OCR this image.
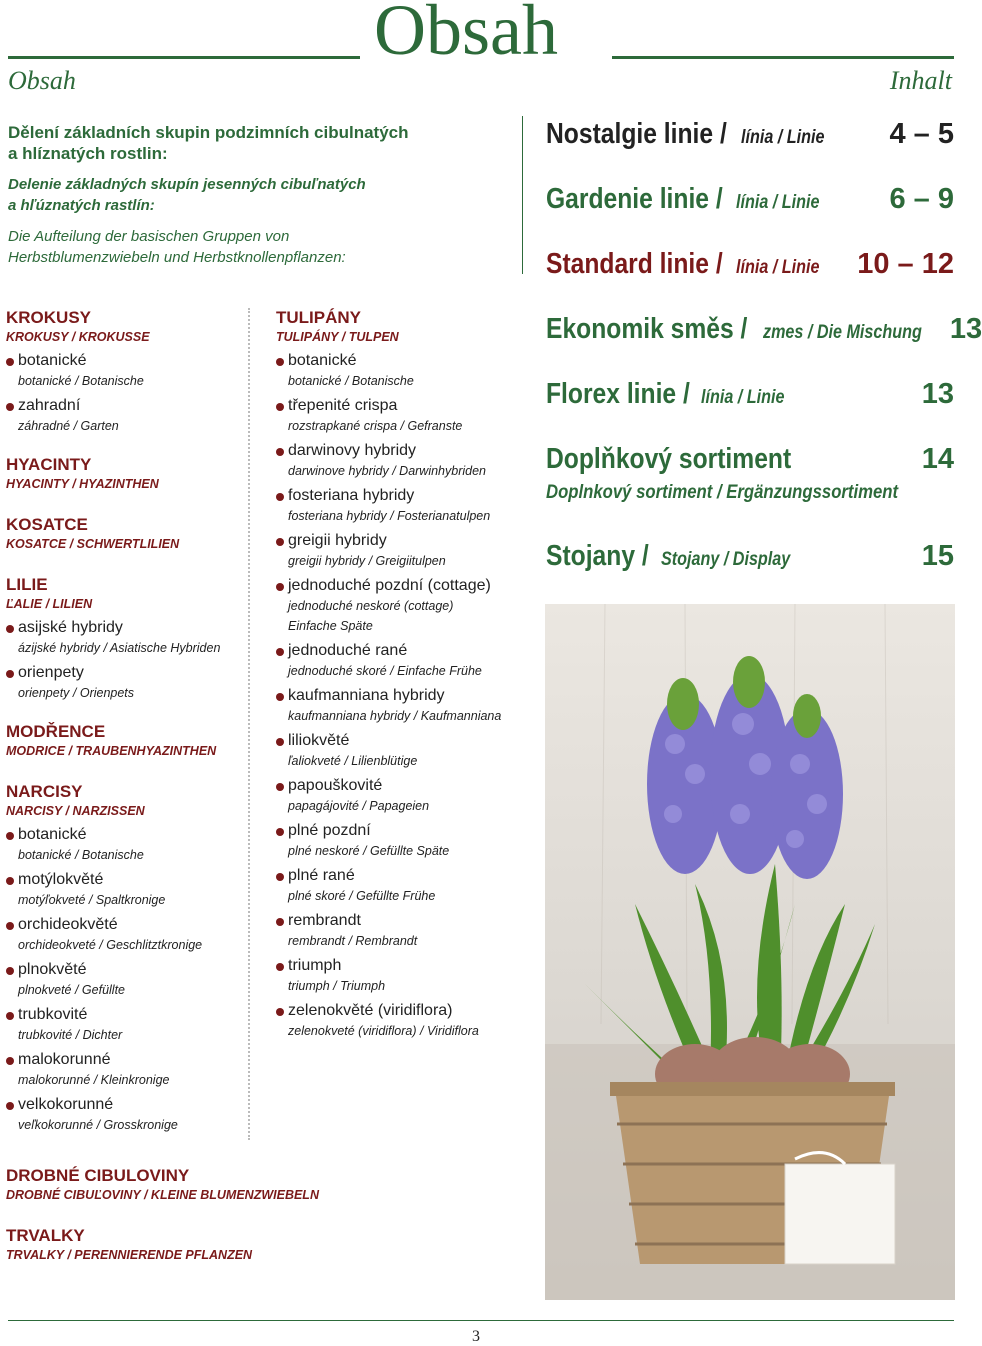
Obsah
Obsah	Inhalt
Dělení základních skupin podzimních cibulnatých
a hlíznatých rostlin:
Delenie základných skupín jesenných cibuľnatých
a hľúznatých rastlín:
Die Aufteilung der basischen Gruppen von
Herbstblumenzwiebeln und Herbstknollenpflanzen:
Nostalgie linie / línia / Linie 4 – 5
Gardenie linie / línia / Linie 6 – 9
Standard linie / línia / Linie 10 – 12
Ekonomik směs / zmes / Die Mischung 13
Florex linie / línia / Linie	13
Doplňkový sortiment	14
Doplnkový sortiment / Ergänzungssortiment
Stojany / Stojany / Display	15
KROKUSY
KROKUSY / KROKUSSE
botanické
botanické / Botanische
zahradní
záhradné / Garten
HYACINTY
HYACINTY / HYAZINTHEN
KOSATCE
KOSATCE / SCHWERTLILIEN
LILIE
ĽALIE / LILIEN
asijské hybridy
ázijské hybridy / Asiatische Hybriden
orienpety
orienpety / Orienpets
MODŘENCE
MODRICE / TRAUBENHYAZINTHEN
NARCISY
NARCISY / NARZISSEN
botanické
botanické / Botanische
motýlokvěté
motýľokveté / Spaltkronige
orchideokvěté
orchideokveté / Geschlitztkronige
plnokvěté
plnokveté / Gefüllte
trubkovité
trubkovité / Dichter
malokorunné
malokorunné / Kleinkronige
velkokorunné
veľkokorunné / Grosskronige
TULIPÁNY
TULIPÁNY / TULPEN
botanické
botanické / Botanische
třepenité crispa
rozstrapkané crispa / Gefranste
darwinovy hybridy
darwinove hybridy / Darwinhybriden
fosteriana hybridy
fosteriana hybridy / Fosterianatulpen
greigii hybridy
greigii hybridy / Greigiitulpen
jednoduché pozdní (cottage)
jednoduché neskoré (cottage)
Einfache Späte
jednoduché rané
jednoduché skoré / Einfache Frühe
kaufmanniana hybridy
kaufmanniana hybridy / Kaufmanniana
liliokvěté
ľaliokveté / Lilienblütige
papouškovité
papagájovité / Papageien
plné pozdní
plné neskoré / Gefüllte Späte
plné rané
plné skoré / Gefüllte Frühe
rembrandt
rembrandt / Rembrandt
triumph
triumph / Triumph
zelenokvěté (viridiflora)
zelenokveté (viridiflora) / Viridiflora
DROBNÉ CIBULOVINY
DROBNÉ CIBUĽOVINY / KLEINE BLUMENZWIEBELN
TRVALKY
TRVALKY / PERENNIERENDE PFLANZEN
3
